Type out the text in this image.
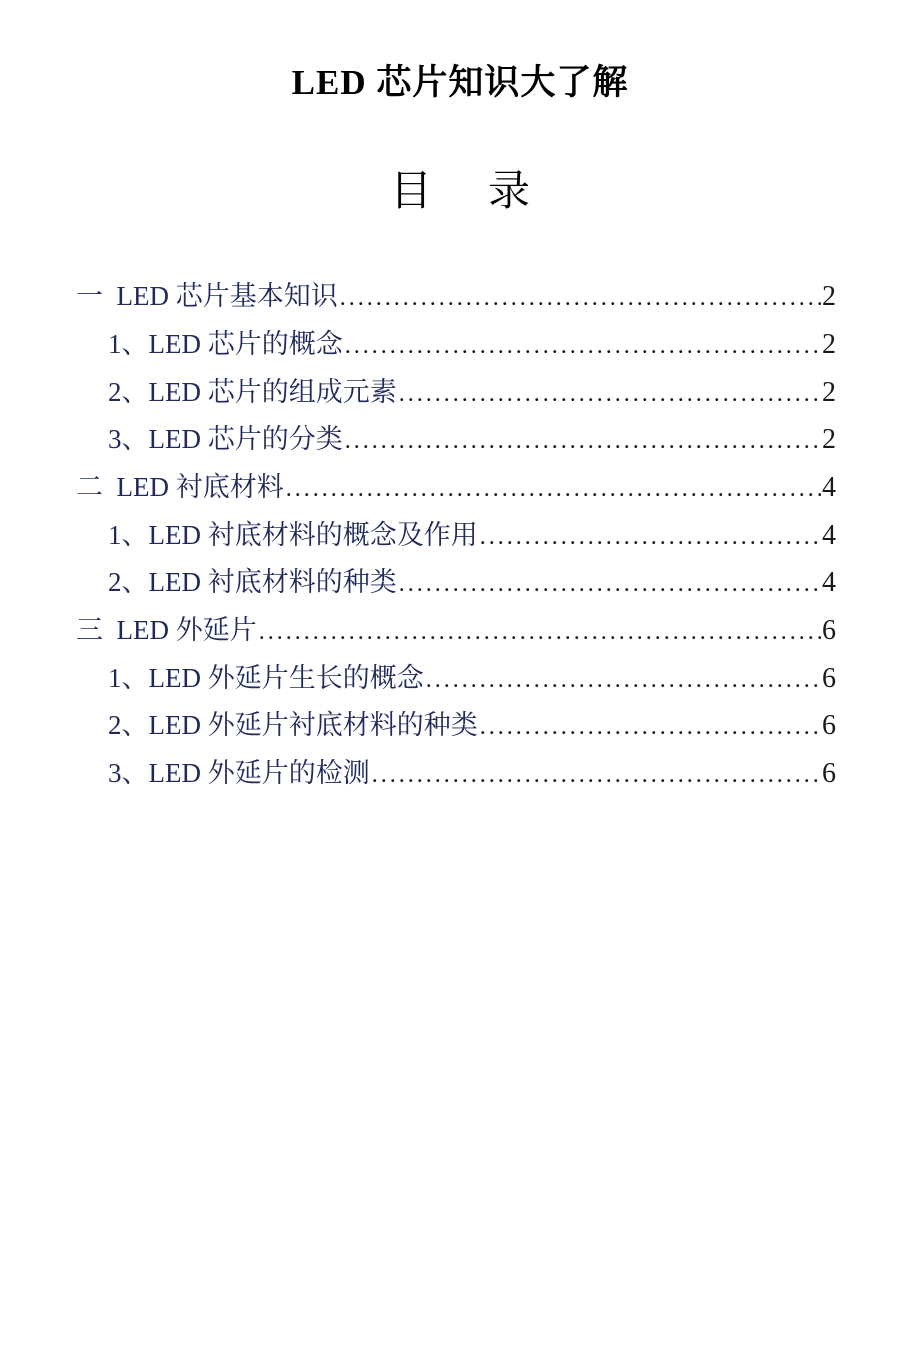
LED 芯片知识大了解
目 录
一  LED 芯片基本知识 .....	2
1、LED 芯片的概念 .....	2
2、LED 芯片的组成元素 .....	2
3、LED 芯片的分类 .....	2
二  LED 衬底材料 .....	4
1、LED 衬底材料的概念及作用 .....	4
2、LED 衬底材料的种类 .....	4
三  LED 外延片 .....	6
1、LED 外延片生长的概念 .....	6
2、LED 外延片衬底材料的种类 .....	6
3、LED 外延片的检测 .....	6
